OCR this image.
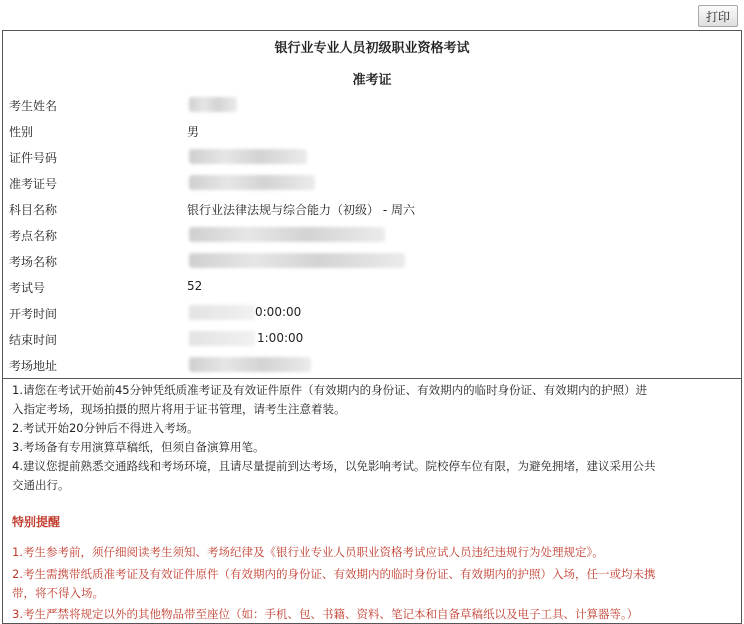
打印
银行业专业人员初级职业资格考试
准考证
考生姓名
性别	男
证件号码
准考证号
科目名称	银行业法律法规与综合能力（初级） - 周六
考点名称
考场名称
考试号	52
开考时间	0:00:00
结束时间	1:00:00
考场地址
1.请您在考试开始前45分钟凭纸质准考证及有效证件原件（有效期内的身份证、有效期内的临时身份证、有效期内的护照）进
入指定考场，现场拍摄的照片将用于证书管理，请考生注意着装。
2.考试开始20分钟后不得进入考场。
3.考场备有专用演算草稿纸，但须自备演算用笔。
4.建议您提前熟悉交通路线和考场环境，且请尽量提前到达考场，以免影响考试。院校停车位有限，为避免拥堵，建议采用公共
交通出行。
特别提醒
1.考生参考前，须仔细阅读考生须知、考场纪律及《银行业专业人员职业资格考试应试人员违纪违规行为处理规定》。
2.考生需携带纸质准考证及有效证件原件（有效期内的身份证、有效期内的临时身份证、有效期内的护照）入场，任一或均未携
带，将不得入场。
3.考生严禁将规定以外的其他物品带至座位（如：手机、包、书籍、资料、笔记本和自备草稿纸以及电子工具、计算器等。）
